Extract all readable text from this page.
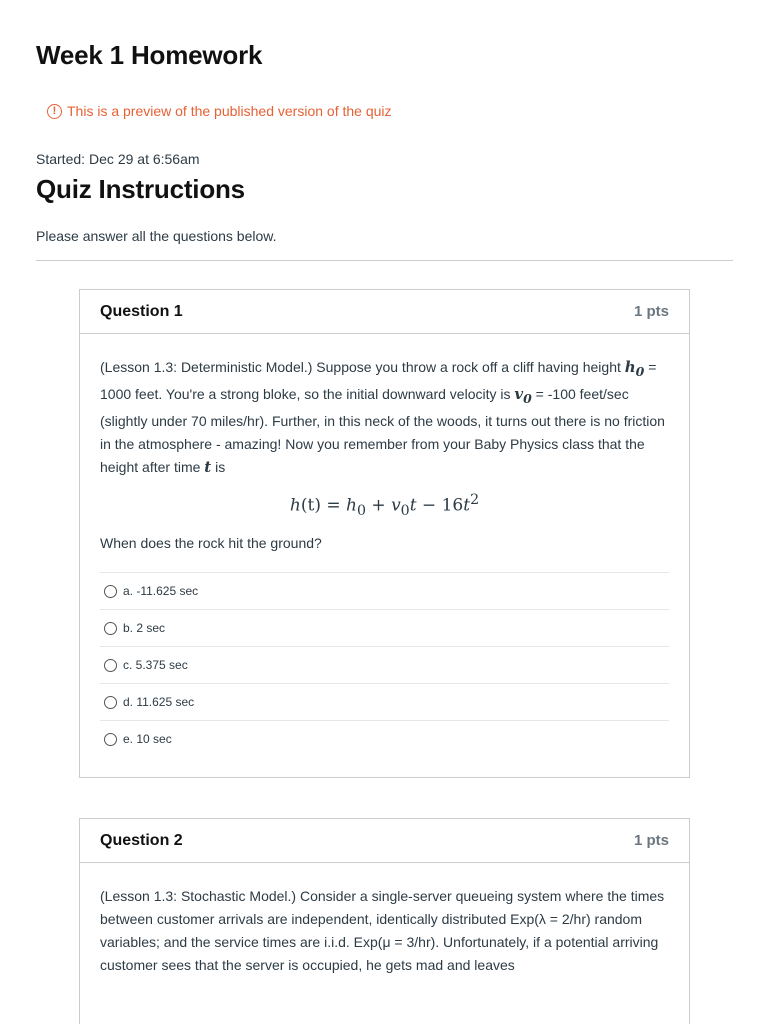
Week 1 Homework
! This is a preview of the published version of the quiz
Started: Dec 29 at 6:56am
Quiz Instructions
Please answer all the questions below.
Question 1	1 pts

(Lesson 1.3: Deterministic Model.) Suppose you throw a rock off a cliff having height $h_0 = 1000$ feet. You're a strong bloke, so the initial downward velocity is $v_0 = -100$ feet/sec (slightly under 70 miles/hr). Further, in this neck of the woods, it turns out there is no friction in the atmosphere - amazing! Now you remember from your Baby Physics class that the height after time t is

$h(t) = h_0 + v_0t - 16t^2$

When does the rock hit the ground?

a. -11.625 sec
b. 2 sec
c. 5.375 sec
d. 11.625 sec
e. 10 sec
Question 2	1 pts

(Lesson 1.3: Stochastic Model.) Consider a single-server queueing system where the times between customer arrivals are independent, identically distributed Exp(λ = 2/hr) random variables; and the service times are i.i.d. Exp(μ = 3/hr). Unfortunately, if a potential arriving customer sees that the server is occupied, he gets mad and leaves
